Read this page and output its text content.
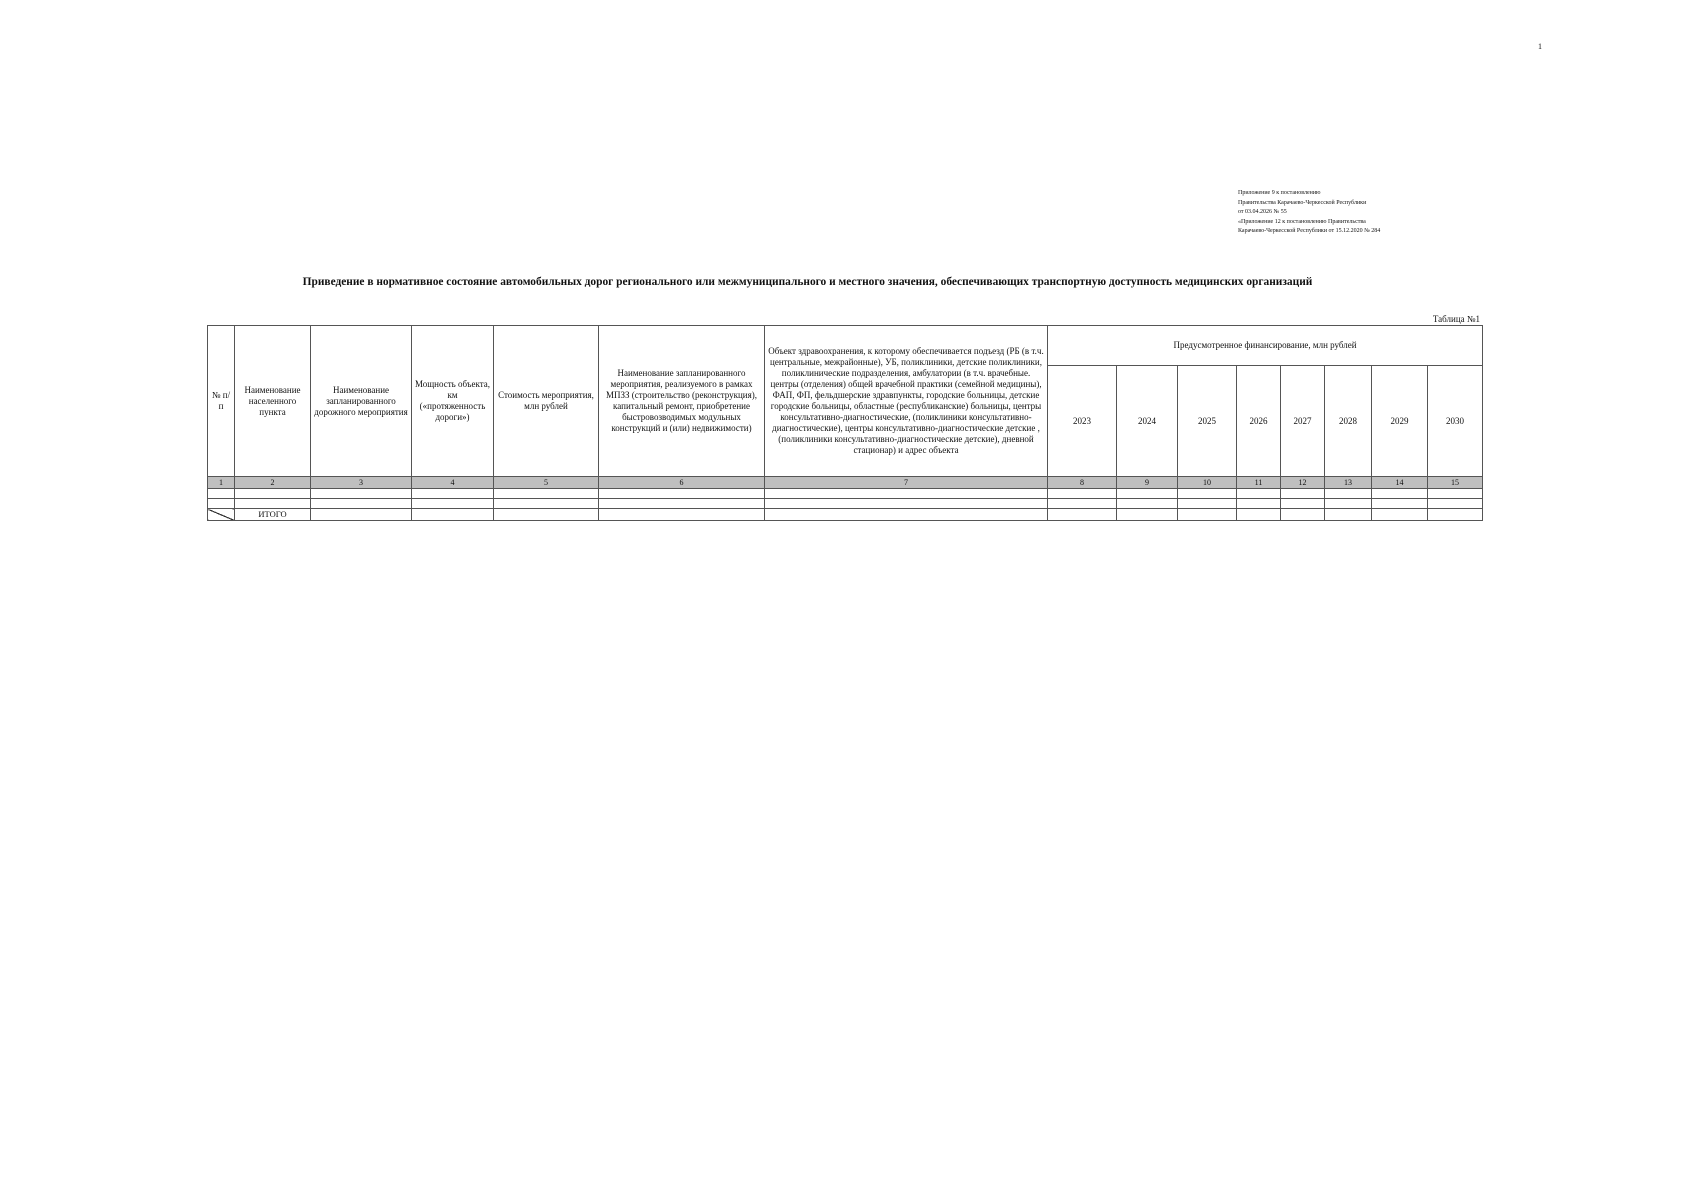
1
Приложение 9 к постановлению
Правительства Карачаево-Черкесской Республики
от 03.04.2026 № 55
«Приложение 12 к постановлению Правительства
Карачаево-Черкесской Республики от 15.12.2020 № 284
Приведение в нормативное состояние автомобильных дорог регионального или межмуниципального и местного значения, обеспечивающих транспортную доступность медицинских организаций
Таблица №1
№ п/п	Наименование населенного пункта	Наименование запланированного дорожного мероприятия	Мощность объекта, км («протяженность дороги»)	Стоимость мероприятия, млн рублей	Наименование запланированного мероприятия, реализуемого в рамках МПЗЗ (строительство (реконструкция), капитальный ремонт, приобретение быстровозводимых модульных конструкций и (или) недвижимости)	Объект здравоохранения, к которому обеспечивается подъезд (РБ (в т.ч. центральные, межрайонные), УБ, поликлиники, детские поликлиники, поликлинические подразделения, амбулатории (в т.ч. врачебные. центры (отделения) общей врачебной практики (семейной медицины), ФАП, ФП, фельдшерские здравпункты, городские больницы, детские городские больницы, областные (республиканские) больницы, центры консультативно-диагностические, (поликлиники консультативно-диагностические), центры консультативно-диагностические детские , (поликлиники консультативно-диагностические детские), дневной стационар) и адрес объекта	Предусмотренное финансирование, млн рублей							
							2023	2024	2025	2026	2027	2028	2029	2030
1	2	3	4	5	6	7	8	9	10	11	12	13	14	15

	ИТОГО													
